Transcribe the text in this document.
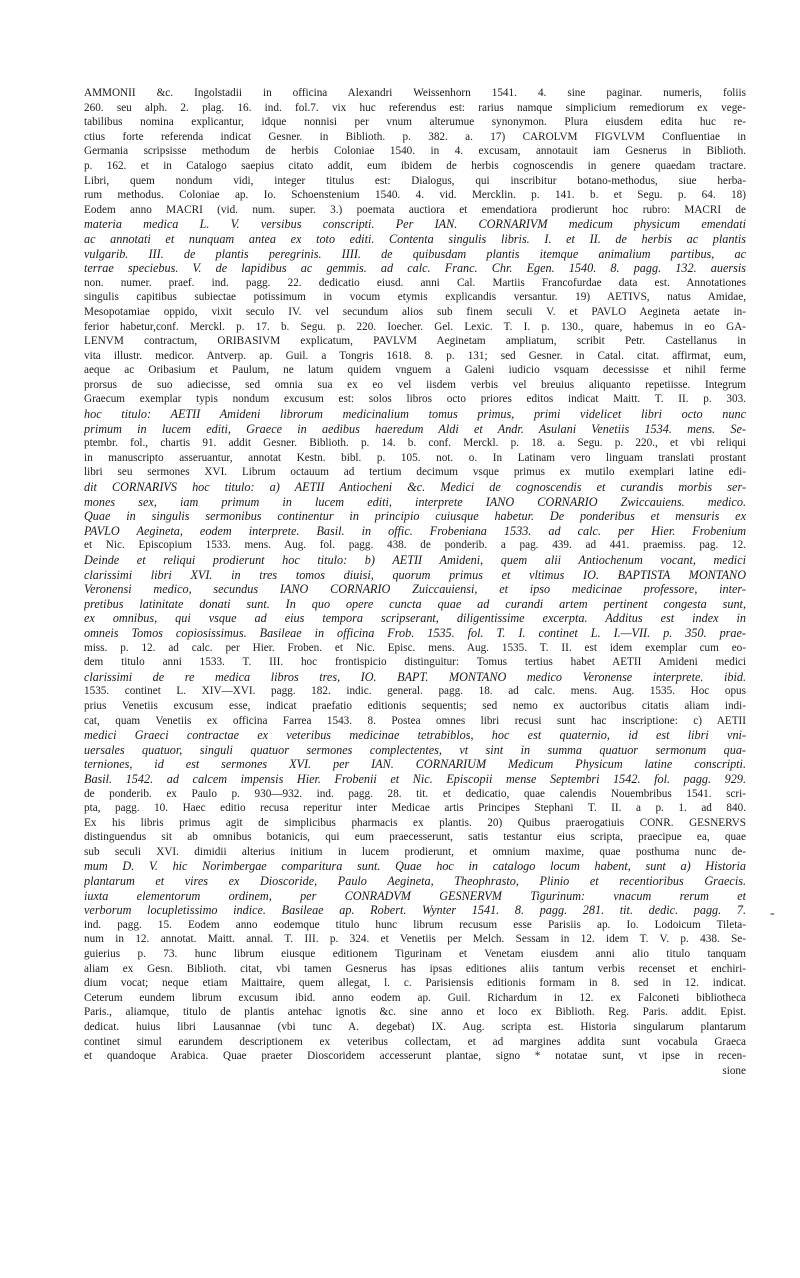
AMMONII &c. Ingolstadii in officina Alexandri Weissenhorn 1541. 4. sine paginar. numeris, foliis
260. seu alph. 2. plag. 16. ind. fol.7. vix huc referendus est: rarius namque simplicium remediorum ex vege-
tabilibus nomina explicantur, idque nonnisi per vnum alterumue synonymon. Plura eiusdem edita huc re-
ctius forte referenda indicat Gesner. in Biblioth. p. 382. a. 17) CAROLVM FIGVLVM Confluentiae in
Germania scripsisse methodum de herbis Coloniae 1540. in 4. excusam, annotauit iam Gesnerus in Biblioth.
p. 162. et in Catalogo saepius citato addit, eum ibidem de herbis cognoscendis in genere quaedam tractare.
Libri, quem nondum vidi, integer titulus est: Dialogus, qui inscribitur botano-methodus, siue herba-
rum methodus. Coloniae ap. Io. Schoenstenium 1540. 4. vid. Mercklin. p. 141. b. et Segu. p. 64. 18)
Eodem anno MACRI (vid. num. super. 3.) poemata auctiora et emendatiora prodierunt hoc rubro: MACRI de
materia medica L. V. versibus conscripti. Per IAN. CORNARIVM medicum physicum emendati
ac annotati et nunquam antea ex toto editi. Contenta singulis libris. I. et II. de herbis ac plantis
vulgarib. III. de plantis peregrinis. IIII. de quibusdam plantis itemque animalium partibus, ac
terrae speciebus. V. de lapidibus ac gemmis. ad calc. Franc. Chr. Egen. 1540. 8. pagg. 132. auersis
non. numer. praef. ind. pagg. 22. dedicatio eiusd. anni Cal. Martiis Francofurdae data est. Annotationes
singulis capitibus subiectae potissimum in vocum etymis explicandis versantur. 19) AETIVS, natus Amidae,
Mesopotamiae oppido, vixit seculo IV. vel secundum alios sub finem seculi V. et PAVLO Aegineta aetate in-
ferior habetur,conf. Merckl. p. 17. b. Segu. p. 220. Ioecher. Gel. Lexic. T. I. p. 130., quare, habemus in eo GA-
LENVM contractum, ORIBASIVM explicatum, PAVLVM Aeginetam ampliatum, scribit Petr. Castellanus in
vita illustr. medicor. Antverp. ap. Guil. a Tongris 1618. 8. p. 131; sed Gesner. in Catal. citat. affirmat, eum,
aeque ac Oribasium et Paulum, ne latum quidem vnguem a Galeni iudicio vsquam decessisse et nihil ferme
prorsus de suo adiecisse, sed omnia sua ex eo vel iisdem verbis vel breuius aliquanto repetiisse. Integrum
Graecum exemplar typis nondum excusum est: solos libros octo priores editos indicat Maitt. T. II. p. 303.
hoc titulo: AETII Amideni librorum medicinalium tomus primus, primi videlicet libri octo nunc
primum in lucem editi, Graece in aedibus haeredum Aldi et Andr. Asulani Venetiis 1534. mens. Se-
ptembr. fol., chartis 91. addit Gesner. Biblioth. p. 14. b. conf. Merckl. p. 18. a. Segu. p. 220., et vbi reliqui
in manuscripto asseruantur, annotat Kestn. bibl. p. 105. not. o. In Latinam vero linguam translati prostant
libri seu sermones XVI. Librum octauum ad tertium decimum vsque primus ex mutilo exemplari latine edi-
dit CORNARIVS hoc titulo: a) AETII Antiocheni &c. Medici de cognoscendis et curandis morbis ser-
mones sex, iam primum in lucem editi, interprete IANO CORNARIO Zwiccauiens. medico.
Quae in singulis sermonibus continentur in principio cuiusque habetur. De ponderibus et mensuris ex
PAVLO Aegineta, eodem interprete. Basil. in offic. Frobeniana 1533. ad calc. per Hier. Frobenium
et Nic. Episcopium 1533. mens. Aug. fol. pagg. 438. de ponderib. a pag. 439. ad 441. praemiss. pag. 12.
Deinde et reliqui prodierunt hoc titulo: b) AETII Amideni, quem alii Antiochenum vocant, medici
clarissimi libri XVI. in tres tomos diuisi, quorum primus et vltimus IO. BAPTISTA MONTANO
Veronensi medico, secundus IANO CORNARIO Zuiccauiensi, et ipso medicinae professore, inter-
pretibus latinitate donati sunt. In quo opere cuncta quae ad curandi artem pertinent congesta sunt,
ex omnibus, qui vsque ad eius tempora scripserant, diligentissime excerpta. Additus est index in
omneis Tomos copiosissimus. Basileae in officina Frob. 1535. fol. T. I. continet L. I.—VII. p. 350. prae-
miss. p. 12. ad calc. per Hier. Froben. et Nic. Episc. mens. Aug. 1535. T. II. est idem exemplar cum eo-
dem titulo anni 1533. T. III. hoc frontispicio distinguitur: Tomus tertius habet AETII Amideni medici
clarissimi de re medica libros tres, IO. BAPT. MONTANO medico Veronense interprete. ibid.
1535. continet L. XIV—XVI. pagg. 182. indic. general. pagg. 18. ad calc. mens. Aug. 1535. Hoc opus
prius Venetiis excusum esse, indicat praefatio editionis sequentis; sed nemo ex auctoribus citatis aliam indi-
cat, quam Venetiis ex officina Farrea 1543. 8. Postea omnes libri recusi sunt hac inscriptione: c) AETII
medici Graeci contractae ex veteribus medicinae tetrabiblos, hoc est quaternio, id est libri vni-
uersales quatuor, singuli quatuor sermones complectentes, vt sint in summa quatuor sermonum qua-
terniones, id est sermones XVI. per IAN. CORNARIUM Medicum Physicum latine conscripti.
Basil. 1542. ad calcem impensis Hier. Frobenii et Nic. Episcopii mense Septembri 1542. fol. pagg. 929.
de ponderib. ex Paulo p. 930—932. ind. pagg. 28. tit. et dedicatio, quae calendis Nouembribus 1541. scri-
pta, pagg. 10. Haec editio recusa reperitur inter Medicae artis Principes Stephani T. II. a p. 1. ad 840.
Ex his libris primus agit de simplicibus pharmacis ex plantis. 20) Quibus praerogatiuis CONR. GESNERVS
distinguendus sit ab omnibus botanicis, qui eum praecesserunt, satis testantur eius scripta, praecipue ea, quae
sub seculi XVI. dimidii alterius initium in lucem prodierunt, et omnium maxime, quae posthuma nunc de-
mum D. V. hic Norimbergae comparitura sunt. Quae hoc in catalogo locum habent, sunt a) Historia
plantarum et vires ex Dioscoride, Paulo Aegineta, Theophrasto, Plinio et recentioribus Graecis.
iuxta elementorum ordinem, per CONRADVM GESNERVM Tigurinum: vnacum rerum et
verborum locupletissimo indice. Basileae ap. Robert. Wynter 1541. 8. pagg. 281. tit. dedic. pagg. 7.
ind. pagg. 15. Eodem anno eodemque titulo hunc librum recusum esse Parisiis ap. Io. Lodoicum Tileta-
num in 12. annotat. Maitt. annal. T. III. p. 324. et Venetiis per Melch. Sessam in 12. idem T. V. p. 438. Se-
guierius p. 73. hunc librum eiusque editionem Tigurinam et Venetam eiusdem anni alio titulo tanquam
aliam ex Gesn. Biblioth. citat, vbi tamen Gesnerus has ipsas editiones aliis tantum verbis recenset et enchiri-
dium vocat; neque etiam Maittaire, quem allegat, l. c. Parisiensis editionis formam in 8. sed in 12. indicat.
Ceterum eundem librum excusum ibid. anno eodem ap. Guil. Richardum in 12. ex Falconeti bibliotheca
Paris., aliamque, titulo de plantis antehac ignotis &c. sine anno et loco ex Biblioth. Reg. Paris. addit. Epist.
dedicat. huius libri Lausannae (vbi tunc A. degebat) IX. Aug. scripta est. Historia singularum plantarum
continet simul earundem descriptionem ex veteribus collectam, et ad margines addita sunt vocabula Graeca
et quandoque Arabica. Quae praeter Dioscoridem accesserunt plantae, signo * notatae sunt, vt ipse in recen-
sione
-
